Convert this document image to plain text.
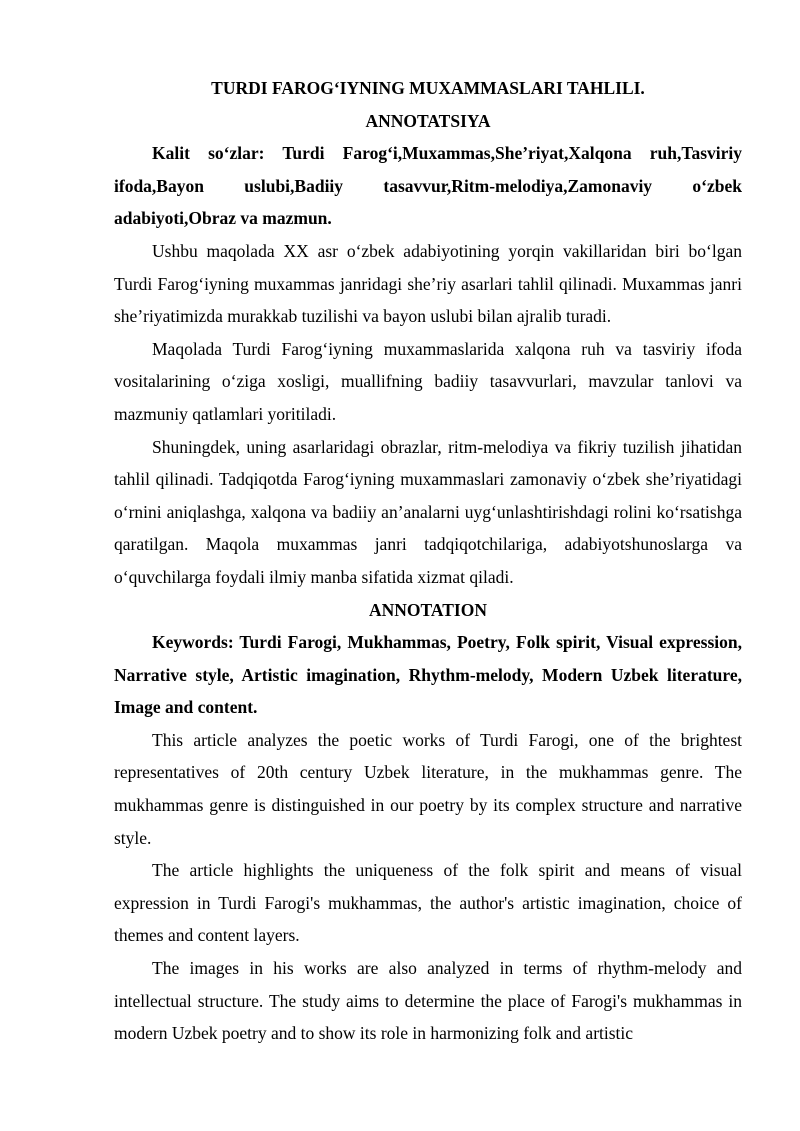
TURDI FAROG‘IYNING MUXAMMASLARI TAHLILI.
ANNOTATSIYA

Kalit so‘zlar: Turdi Farog‘i,Muxammas,She’riyat,Xalqona ruh,Tasviriy ifoda,Bayon uslubi,Badiiy tasavvur,Ritm-melodiya,Zamonaviy o‘zbek adabiyoti,Obraz va mazmun.

Ushbu maqolada XX asr o‘zbek adabiyotining yorqin vakillaridan biri bo‘lgan Turdi Farog‘iyning muxammas janridagi she’riy asarlari tahlil qilinadi. Muxammas janri she’riyatimizda murakkab tuzilishi va bayon uslubi bilan ajralib turadi.

Maqolada Turdi Farog‘iyning muxammaslarida xalqona ruh va tasviriy ifoda vositalarining o‘ziga xosligi, muallifning badiiy tasavvurlari, mavzular tanlovi va mazmuniy qatlamlari yoritiladi.

Shuningdek, uning asarlaridagi obrazlar, ritm-melodiya va fikriy tuzilish jihatidan tahlil qilinadi. Tadqiqotda Farog‘iyning muxammaslari zamonaviy o‘zbek she’riyatidagi o‘rnini aniqlashga, xalqona va badiiy an’analarni uyg‘unlashtirishdagi rolini ko‘rsatishga qaratilgan. Maqola muxammas janri tadqiqotchilariga, adabiyotshunoslarga va o‘quvchilarga foydali ilmiy manba sifatida xizmat qiladi.

ANNOTATION

Keywords: Turdi Farogi, Mukhammas, Poetry, Folk spirit, Visual expression, Narrative style, Artistic imagination, Rhythm-melody, Modern Uzbek literature, Image and content.

This article analyzes the poetic works of Turdi Farogi, one of the brightest representatives of 20th century Uzbek literature, in the mukhammas genre. The mukhammas genre is distinguished in our poetry by its complex structure and narrative style.

The article highlights the uniqueness of the folk spirit and means of visual expression in Turdi Farogi's mukhammas, the author's artistic imagination, choice of themes and content layers.

The images in his works are also analyzed in terms of rhythm-melody and intellectual structure. The study aims to determine the place of Farogi's mukhammas in modern Uzbek poetry and to show its role in harmonizing folk and artistic
